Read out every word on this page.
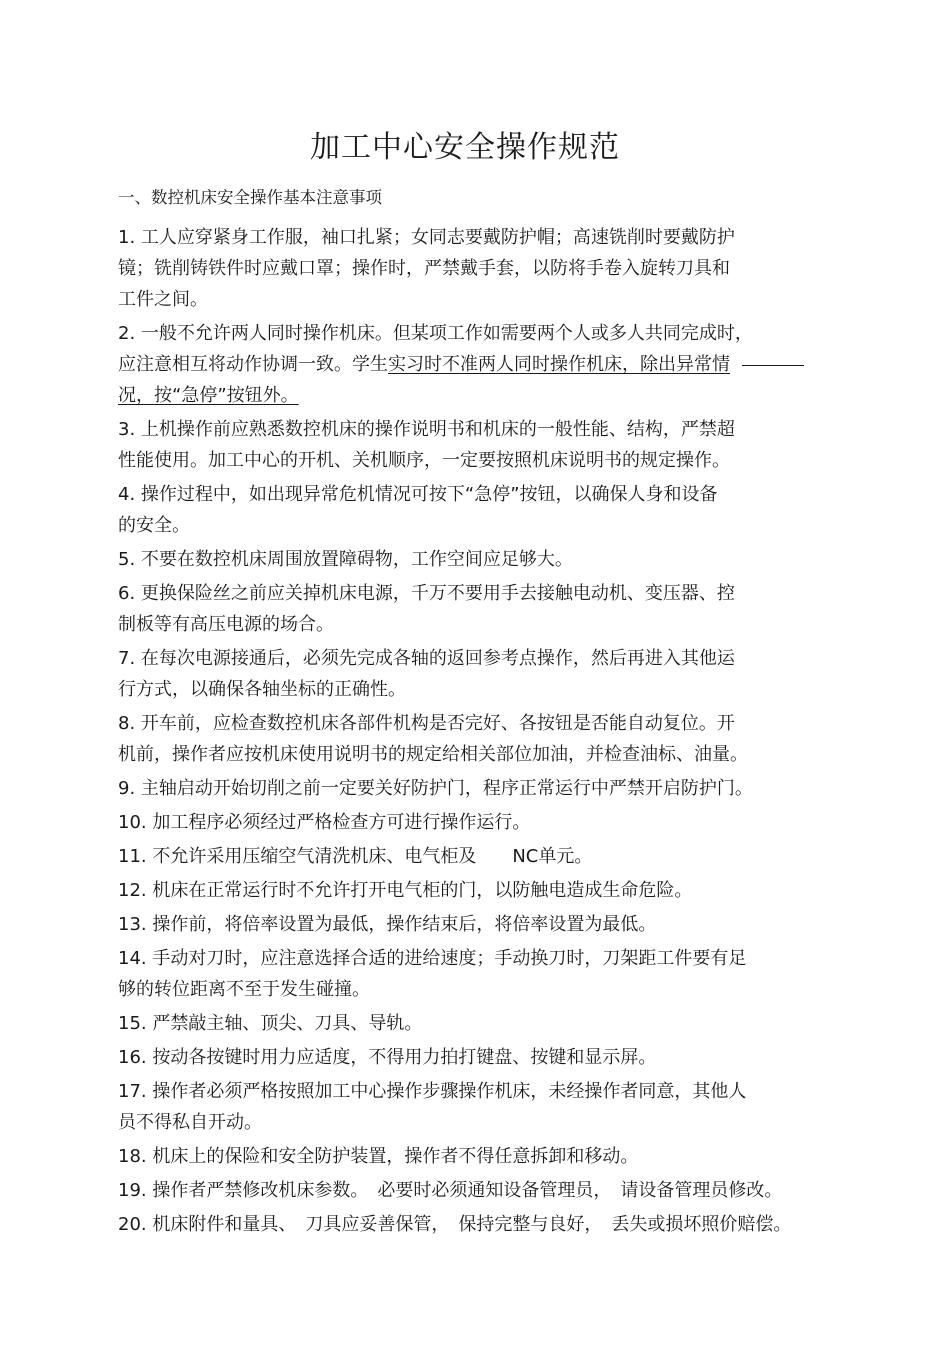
加工中心安全操作规范
一、数控机床安全操作基本注意事项
1. 工人应穿紧身工作服，袖口扎紧；女同志要戴防护帽；高速铣削时要戴防护
镜；铣削铸铁件时应戴口罩；操作时，严禁戴手套，以防将手卷入旋转刀具和
工件之间。
2. 一般不允许两人同时操作机床。但某项工作如需要两个人或多人共同完成时，
应注意相互将动作协调一致。学生实习时不准两人同时操作机床，除出异常情
况，按“急停”按钮外。
3. 上机操作前应熟悉数控机床的操作说明书和机床的一般性能、结构，严禁超
性能使用。加工中心的开机、关机顺序，一定要按照机床说明书的规定操作。
4. 操作过程中，如出现异常危机情况可按下“急停”按钮，以确保人身和设备
的安全。
5. 不要在数控机床周围放置障碍物，工作空间应足够大。
6. 更换保险丝之前应关掉机床电源，千万不要用手去接触电动机、变压器、控
制板等有高压电源的场合。
7. 在每次电源接通后，必须先完成各轴的返回参考点操作，然后再进入其他运
行方式，以确保各轴坐标的正确性。
8. 开车前，应检查数控机床各部件机构是否完好、各按钮是否能自动复位。开
机前，操作者应按机床使用说明书的规定给相关部位加油，并检查油标、油量。
9. 主轴启动开始切削之前一定要关好防护门，程序正常运行中严禁开启防护门。
10. 加工程序必须经过严格检查方可进行操作运行。
11. 不允许采用压缩空气清洗机床、电气柜及　　NC单元。
12. 机床在正常运行时不允许打开电气柜的门，以防触电造成生命危险。
13. 操作前，将倍率设置为最低，操作结束后，将倍率设置为最低。
14. 手动对刀时，应注意选择合适的进给速度；手动换刀时，刀架距工件要有足
够的转位距离不至于发生碰撞。
15. 严禁敲主轴、顶尖、刀具、导轨。
16. 按动各按键时用力应适度，不得用力拍打键盘、按键和显示屏。
17. 操作者必须严格按照加工中心操作步骤操作机床，未经操作者同意，其他人
员不得私自开动。
18. 机床上的保险和安全防护装置，操作者不得任意拆卸和移动。
19. 操作者严禁修改机床参数。　必要时必须通知设备管理员，　请设备管理员修改。
20. 机床附件和量具、　刀具应妥善保管，　保持完整与良好，　丢失或损坏照价赔偿。
